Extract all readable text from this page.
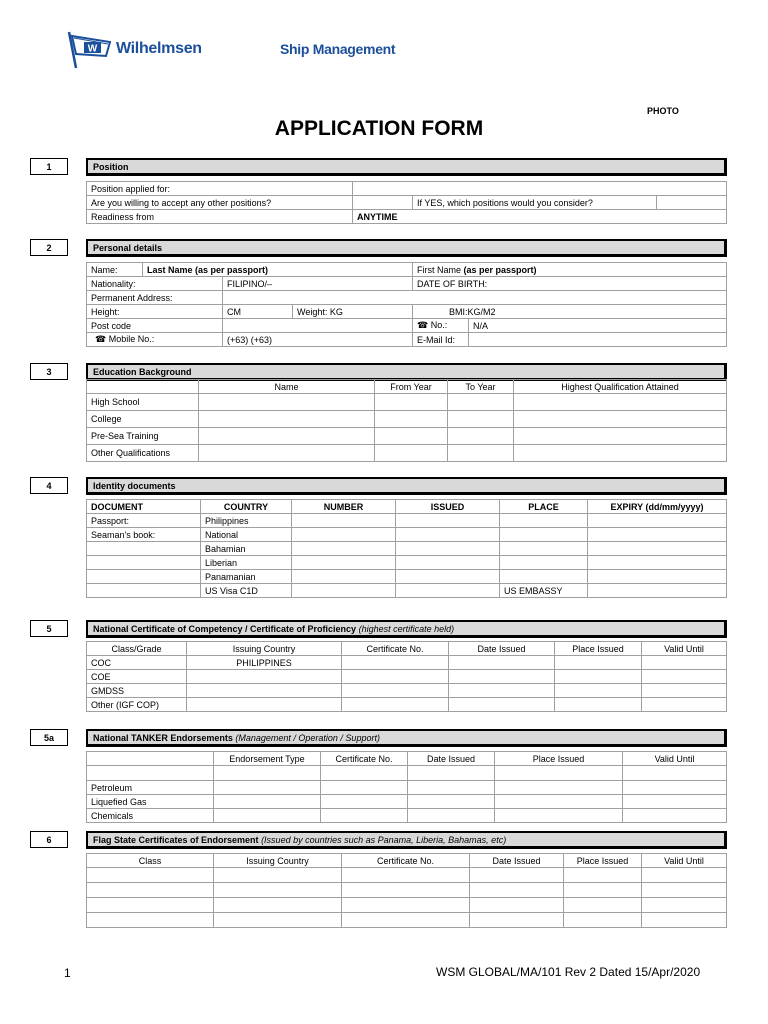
W Wilhelmsen	Ship Management
PHOTO
APPLICATION FORM
1	Position
Position applied for:			
Are you willing to accept any other positions?		If YES, which positions would you consider?	
Readiness from	ANYTIME		
2	Personal details
Name:	Last Name (as per passport)			First Name (as per passport)	
Nationality:		FILIPINO/–		DATE OF BIRTH:	
Permanent Address:					
Height:		CM	Weight: KG	BMI:KG/M2	
Post code				☎ No.:	N/A
☎ Mobile No.:		(+63) (+63)		E-Mail Id:	
3	Education Background
	Name	From Year	To Year	Highest Qualification Attained
High School				
College				
Pre-Sea Training				
Other Qualifications				
4	Identity documents
DOCUMENT	COUNTRY	NUMBER	ISSUED	PLACE	EXPIRY (dd/mm/yyyy)
Passport:	Philippines				
Seaman's book:	National				
	Bahamian				
	Liberian				
	Panamanian				
	US Visa C1D			US EMBASSY	
5	National Certificate of Competency / Certificate of Proficiency
(highest certificate held)
Class/Grade	Issuing Country	Certificate No.	Date Issued	Place Issued	Valid Until
COC	PHILIPPINES				
COE					
GMDSS					
Other (IGF COP)					
5a	National TANKER Endorsements
(Management / Operation / Support)
	Endorsement Type	Certificate No.	Date Issued	Place Issued	Valid Until

Petroleum					
Liquefied Gas					
Chemicals					
6	Flag State Certificates of Endorsement
(Issued by countries such as Panama, Liberia, Bahamas, etc)
Class	Issuing Country	Certificate No.	Date Issued	Place Issued	Valid Until

1	WSM GLOBAL/MA/101 Rev 2 Dated 15/Apr/2020
